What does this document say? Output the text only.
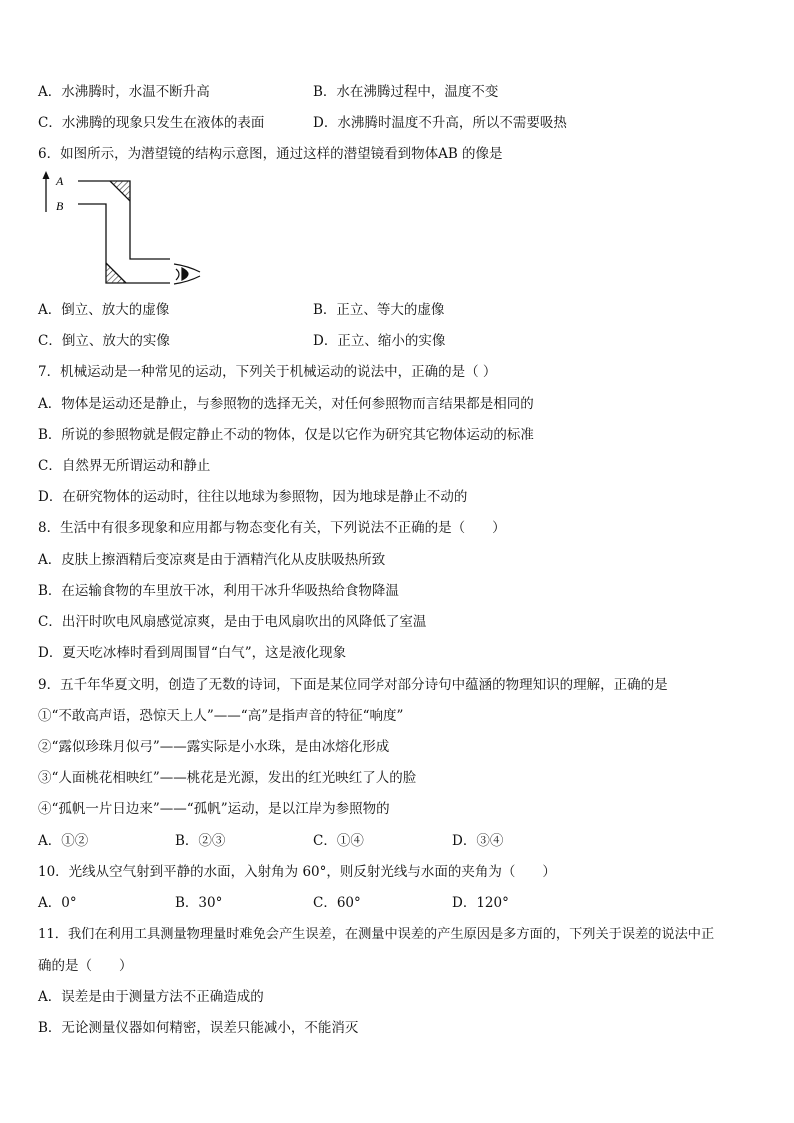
A．水沸腾时，水温不断升高	B．水在沸腾过程中，温度不变
C．水沸腾的现象只发生在液体的表面	D．水沸腾时温度不升高，所以不需要吸热
6．如图所示，为潜望镜的结构示意图，通过这样的潜望镜看到物体AB 的像是
A
B
A．倒立、放大的虚像	B．正立、等大的虚像
C．倒立、放大的实像	D．正立、缩小的实像
7．机械运动是一种常见的运动，下列关于机械运动的说法中，正确的是（ ）
A．物体是运动还是静止，与参照物的选择无关，对任何参照物而言结果都是相同的
B．所说的参照物就是假定静止不动的物体，仅是以它作为研究其它物体运动的标准
C．自然界无所谓运动和静止
D．在研究物体的运动时，往往以地球为参照物，因为地球是静止不动的
8．生活中有很多现象和应用都与物态变化有关，下列说法不正确的是（　　）
A．皮肤上擦酒精后变凉爽是由于酒精汽化从皮肤吸热所致
B．在运输食物的车里放干冰，利用干冰升华吸热给食物降温
C．出汗时吹电风扇感觉凉爽，是由于电风扇吹出的风降低了室温
D．夏天吃冰棒时看到周围冒“白气”，这是液化现象
9．五千年华夏文明，创造了无数的诗词，下面是某位同学对部分诗句中蕴涵的物理知识的理解，正确的是
①“不敢高声语，恐惊天上人”——“高”是指声音的特征“响度”
②“露似珍珠月似弓”——露实际是小水珠，是由冰熔化形成
③“人面桃花相映红”——桃花是光源，发出的红光映红了人的脸
④“孤帆一片日边来”——“孤帆”运动，是以江岸为参照物的
A．①②	B．②③	C．①④	D．③④
10．光线从空气射到平静的水面，入射角为 60°，则反射光线与水面的夹角为（　　）
A．0°	B．30°	C．60°	D．120°
11．我们在利用工具测量物理量时难免会产生误差，在测量中误差的产生原因是多方面的，下列关于误差的说法中正
确的是（　　）
A．误差是由于测量方法不正确造成的
B．无论测量仪器如何精密，误差只能减小，不能消灭
